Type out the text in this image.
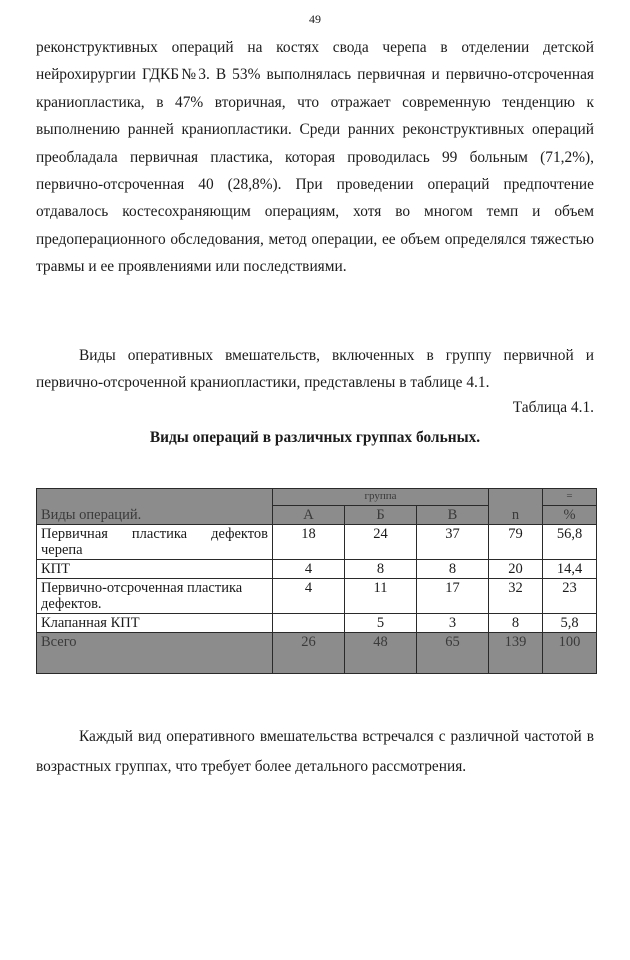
49

реконструктивных операций на костях свода черепа в отделении детской нейрохирургии ГДКБ№3. В 53% выполнялась первичная и первично-отсроченная краниопластика, в 47% вторичная, что отражает современную тенденцию к выполнению ранней краниопластики. Среди ранних реконструктивных операций преобладала первичная пластика, которая проводилась 99 больным (71,2%), первично-отсроченная 40 (28,8%). При проведении операций предпочтение отдавалось костесохраняющим операциям, хотя во многом темп и объем предоперационного обследования, метод операции, ее объем определялся тяжестью травмы и ее проявлениями или последствиями.

Виды оперативных вмешательств, включенных в группу первичной и первично-отсроченной краниопластики, представлены в таблице 4.1.

Таблица 4.1.
Виды операций в различных группах больных.
Виды операций.	группа			n	=
	А	Б	В		%
Первичная пластика дефектов черепа	18	24	37	79	56,8
КПТ	4	8	8	20	14,4
Первично-отсроченная пластика дефектов.	4	11	17	32	23
Клапанная КПТ		5	3	8	5,8
Всего	26	48	65	139	100

Каждый вид оперативного вмешательства встречался с различной частотой в возрастных группах, что требует более детального рассмотрения.
